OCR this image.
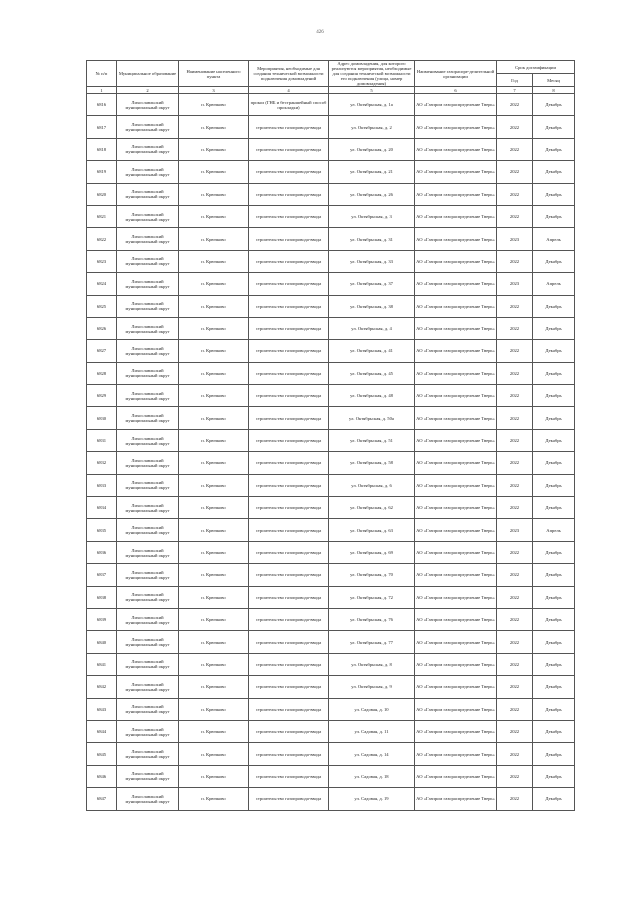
426
№ п/п	Муниципальное образование	Наименование населенного пункта	Мероприятия, необходимые для создания технической возможности подключения домовладений	Адрес домовладения, для которого реализуются мероприятия, необходимые для создания технической возможности его подключения (улица, номер домовладения)	Наименование газораспре-делительной организации	Срок догазификации	
						Год	Месяц
1	2	3	4	5	6	7	8
6816	Лихославльский муниципальный округ	п. Крючково	прокол (ГНБ и бестраншейный способ прокладки)	ул. Октябрьская, д. 1а	АО «Газпром газораспределение Тверь»	2022	Декабрь
6817	Лихославльский муниципальный округ	п. Крючково	строительство газопровода-ввода	ул. Октябрьская, д. 2	АО «Газпром газораспределение Тверь»	2022	Декабрь
6818	Лихославльский муниципальный округ	п. Крючково	строительство газопровода-ввода	ул. Октябрьская, д. 20	АО «Газпром газораспределение Тверь»	2022	Декабрь
6819	Лихославльский муниципальный округ	п. Крючково	строительство газопровода-ввода	ул. Октябрьская, д. 21	АО «Газпром газораспределение Тверь»	2022	Декабрь
6820	Лихославльский муниципальный округ	п. Крючково	строительство газопровода-ввода	ул. Октябрьская, д. 26	АО «Газпром газораспределение Тверь»	2022	Декабрь
6821	Лихославльский муниципальный округ	п. Крючково	строительство газопровода-ввода	ул. Октябрьская, д. 3	АО «Газпром газораспределение Тверь»	2022	Декабрь
6822	Лихославльский муниципальный округ	п. Крючково	строительство газопровода-ввода	ул. Октябрьская, д. 31	АО «Газпром газораспределение Тверь»	2023	Апрель
6823	Лихославльский муниципальный округ	п. Крючково	строительство газопровода-ввода	ул. Октябрьская, д. 33	АО «Газпром газораспределение Тверь»	2022	Декабрь
6824	Лихославльский муниципальный округ	п. Крючково	строительство газопровода-ввода	ул. Октябрьская, д. 37	АО «Газпром газораспределение Тверь»	2023	Апрель
6825	Лихославльский муниципальный округ	п. Крючково	строительство газопровода-ввода	ул. Октябрьская, д. 38	АО «Газпром газораспределение Тверь»	2022	Декабрь
6826	Лихославльский муниципальный округ	п. Крючково	строительство газопровода-ввода	ул. Октябрьская, д. 4	АО «Газпром газораспределение Тверь»	2022	Декабрь
6827	Лихославльский муниципальный округ	п. Крючково	строительство газопровода-ввода	ул. Октябрьская, д. 41	АО «Газпром газораспределение Тверь»	2022	Декабрь
6828	Лихославльский муниципальный округ	п. Крючково	строительство газопровода-ввода	ул. Октябрьская, д. 45	АО «Газпром газораспределение Тверь»	2022	Декабрь
6829	Лихославльский муниципальный округ	п. Крючково	строительство газопровода-ввода	ул. Октябрьская, д. 48	АО «Газпром газораспределение Тверь»	2022	Декабрь
6830	Лихославльский муниципальный округ	п. Крючково	строительство газопровода-ввода	ул. Октябрьская, д. 50а	АО «Газпром газораспределение Тверь»	2022	Декабрь
6831	Лихославльский муниципальный округ	п. Крючково	строительство газопровода-ввода	ул. Октябрьская, д. 51	АО «Газпром газораспределение Тверь»	2022	Декабрь
6832	Лихославльский муниципальный округ	п. Крючково	строительство газопровода-ввода	ул. Октябрьская, д. 58	АО «Газпром газораспределение Тверь»	2022	Декабрь
6833	Лихославльский муниципальный округ	п. Крючково	строительство газопровода-ввода	ул. Октябрьская, д. 6	АО «Газпром газораспределение Тверь»	2022	Декабрь
6834	Лихославльский муниципальный округ	п. Крючково	строительство газопровода-ввода	ул. Октябрьская, д. 62	АО «Газпром газораспределение Тверь»	2022	Декабрь
6835	Лихославльский муниципальный округ	п. Крючково	строительство газопровода-ввода	ул. Октябрьская, д. 63	АО «Газпром газораспределение Тверь»	2023	Апрель
6836	Лихославльский муниципальный округ	п. Крючково	строительство газопровода-ввода	ул. Октябрьская, д. 69	АО «Газпром газораспределение Тверь»	2022	Декабрь
6837	Лихославльский муниципальный округ	п. Крючково	строительство газопровода-ввода	ул. Октябрьская, д. 70	АО «Газпром газораспределение Тверь»	2022	Декабрь
6838	Лихославльский муниципальный округ	п. Крючково	строительство газопровода-ввода	ул. Октябрьская, д. 72	АО «Газпром газораспределение Тверь»	2022	Декабрь
6839	Лихославльский муниципальный округ	п. Крючково	строительство газопровода-ввода	ул. Октябрьская, д. 76	АО «Газпром газораспределение Тверь»	2022	Декабрь
6840	Лихославльский муниципальный округ	п. Крючково	строительство газопровода-ввода	ул. Октябрьская, д. 77	АО «Газпром газораспределение Тверь»	2022	Декабрь
6841	Лихославльский муниципальный округ	п. Крючково	строительство газопровода-ввода	ул. Октябрьская, д. 8	АО «Газпром газораспределение Тверь»	2022	Декабрь
6842	Лихославльский муниципальный округ	п. Крючково	строительство газопровода-ввода	ул. Октябрьская, д. 9	АО «Газпром газораспределение Тверь»	2022	Декабрь
6843	Лихославльский муниципальный округ	п. Крючково	строительство газопровода-ввода	ул. Садовая, д. 10	АО «Газпром газораспределение Тверь»	2022	Декабрь
6844	Лихославльский муниципальный округ	п. Крючково	строительство газопровода-ввода	ул. Садовая, д. 11	АО «Газпром газораспределение Тверь»	2022	Декабрь
6845	Лихославльский муниципальный округ	п. Крючково	строительство газопровода-ввода	ул. Садовая, д. 14	АО «Газпром газораспределение Тверь»	2022	Декабрь
6846	Лихославльский муниципальный округ	п. Крючково	строительство газопровода-ввода	ул. Садовая, д. 18	АО «Газпром газораспределение Тверь»	2022	Декабрь
6847	Лихославльский муниципальный округ	п. Крючково	строительство газопровода-ввода	ул. Садовая, д. 19	АО «Газпром газораспределение Тверь»	2022	Декабрь
